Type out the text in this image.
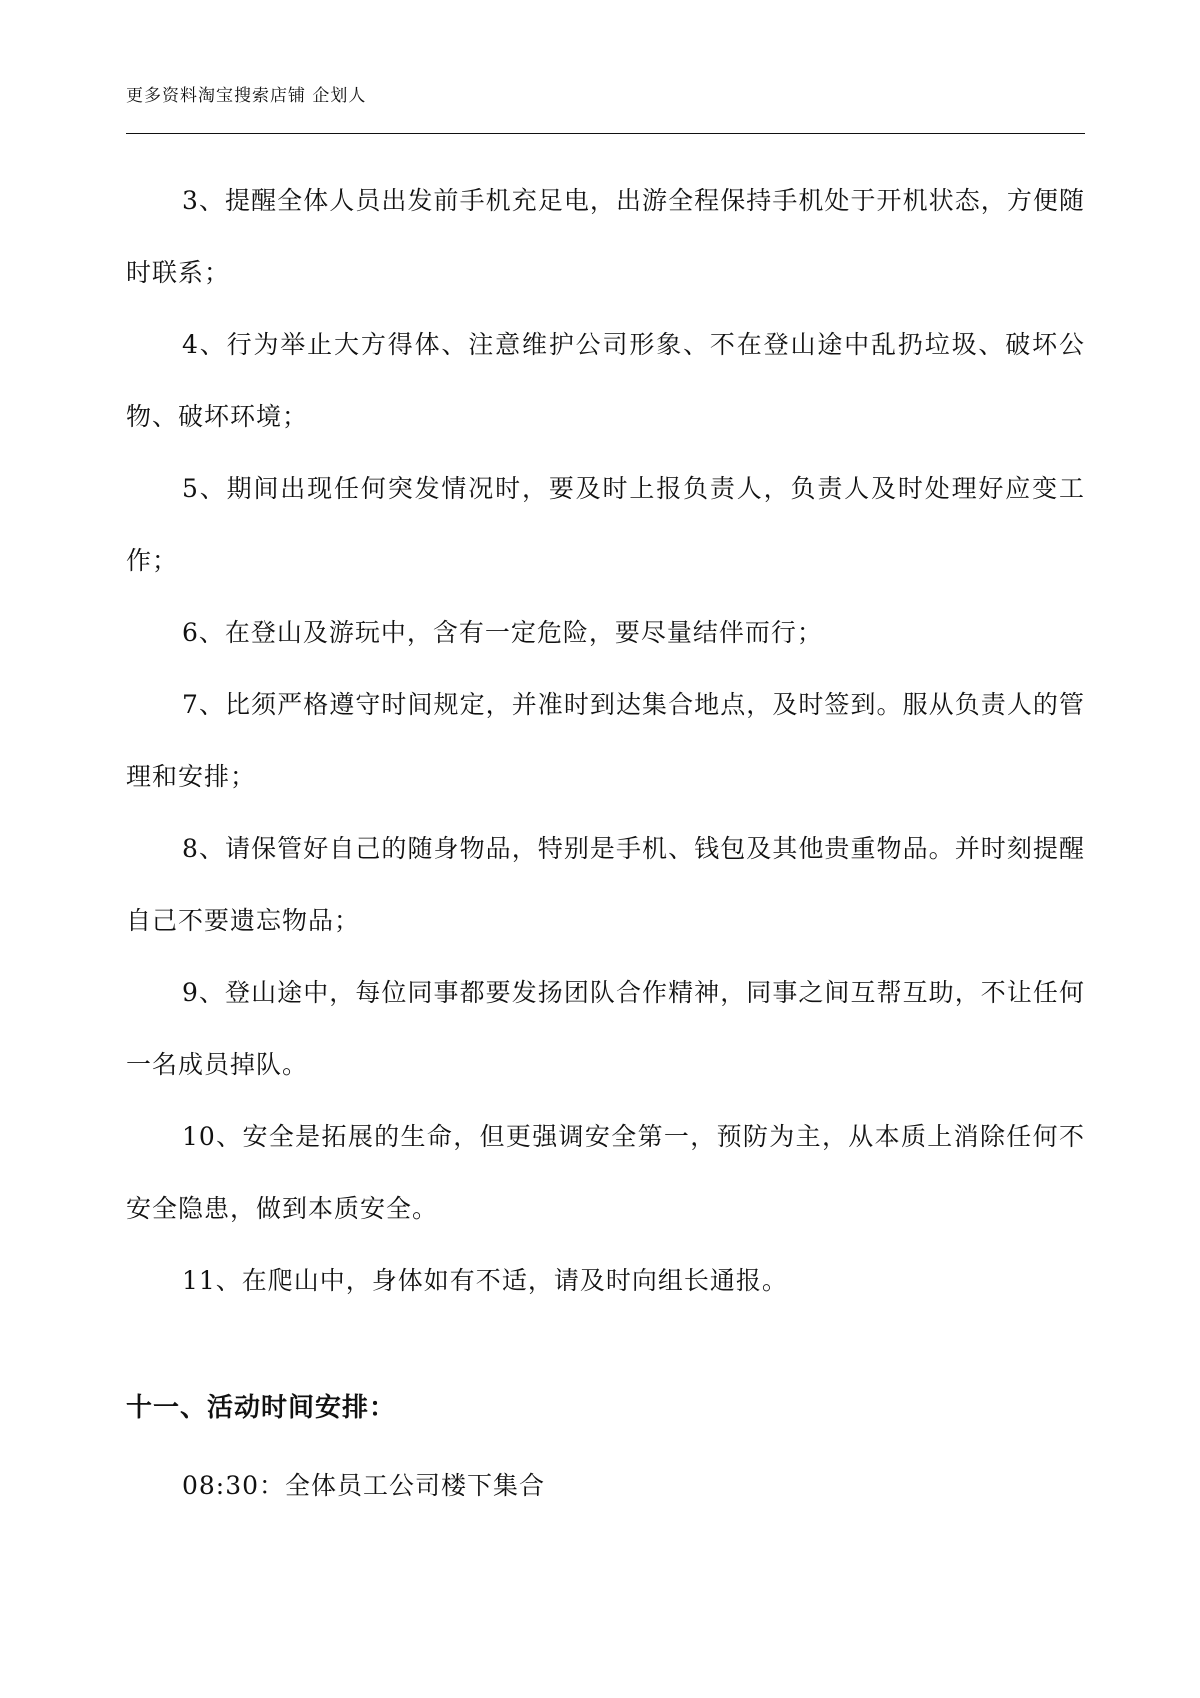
更多资料淘宝搜索店铺 企划人

3、提醒全体人员出发前手机充足电，出游全程保持手机处于开机状态，方便随时联系；

4、行为举止大方得体、注意维护公司形象、不在登山途中乱扔垃圾、破坏公物、破坏环境；

5、期间出现任何突发情况时，要及时上报负责人，负责人及时处理好应变工作；

6、在登山及游玩中，含有一定危险，要尽量结伴而行；

7、比须严格遵守时间规定，并准时到达集合地点，及时签到。服从负责人的管理和安排；

8、请保管好自己的随身物品，特别是手机、钱包及其他贵重物品。并时刻提醒自己不要遗忘物品；

9、登山途中，每位同事都要发扬团队合作精神，同事之间互帮互助，不让任何一名成员掉队。

10、安全是拓展的生命，但更强调安全第一，预防为主，从本质上消除任何不安全隐患，做到本质安全。

11、在爬山中，身体如有不适，请及时向组长通报。

十一、活动时间安排：
08:30：全体员工公司楼下集合
